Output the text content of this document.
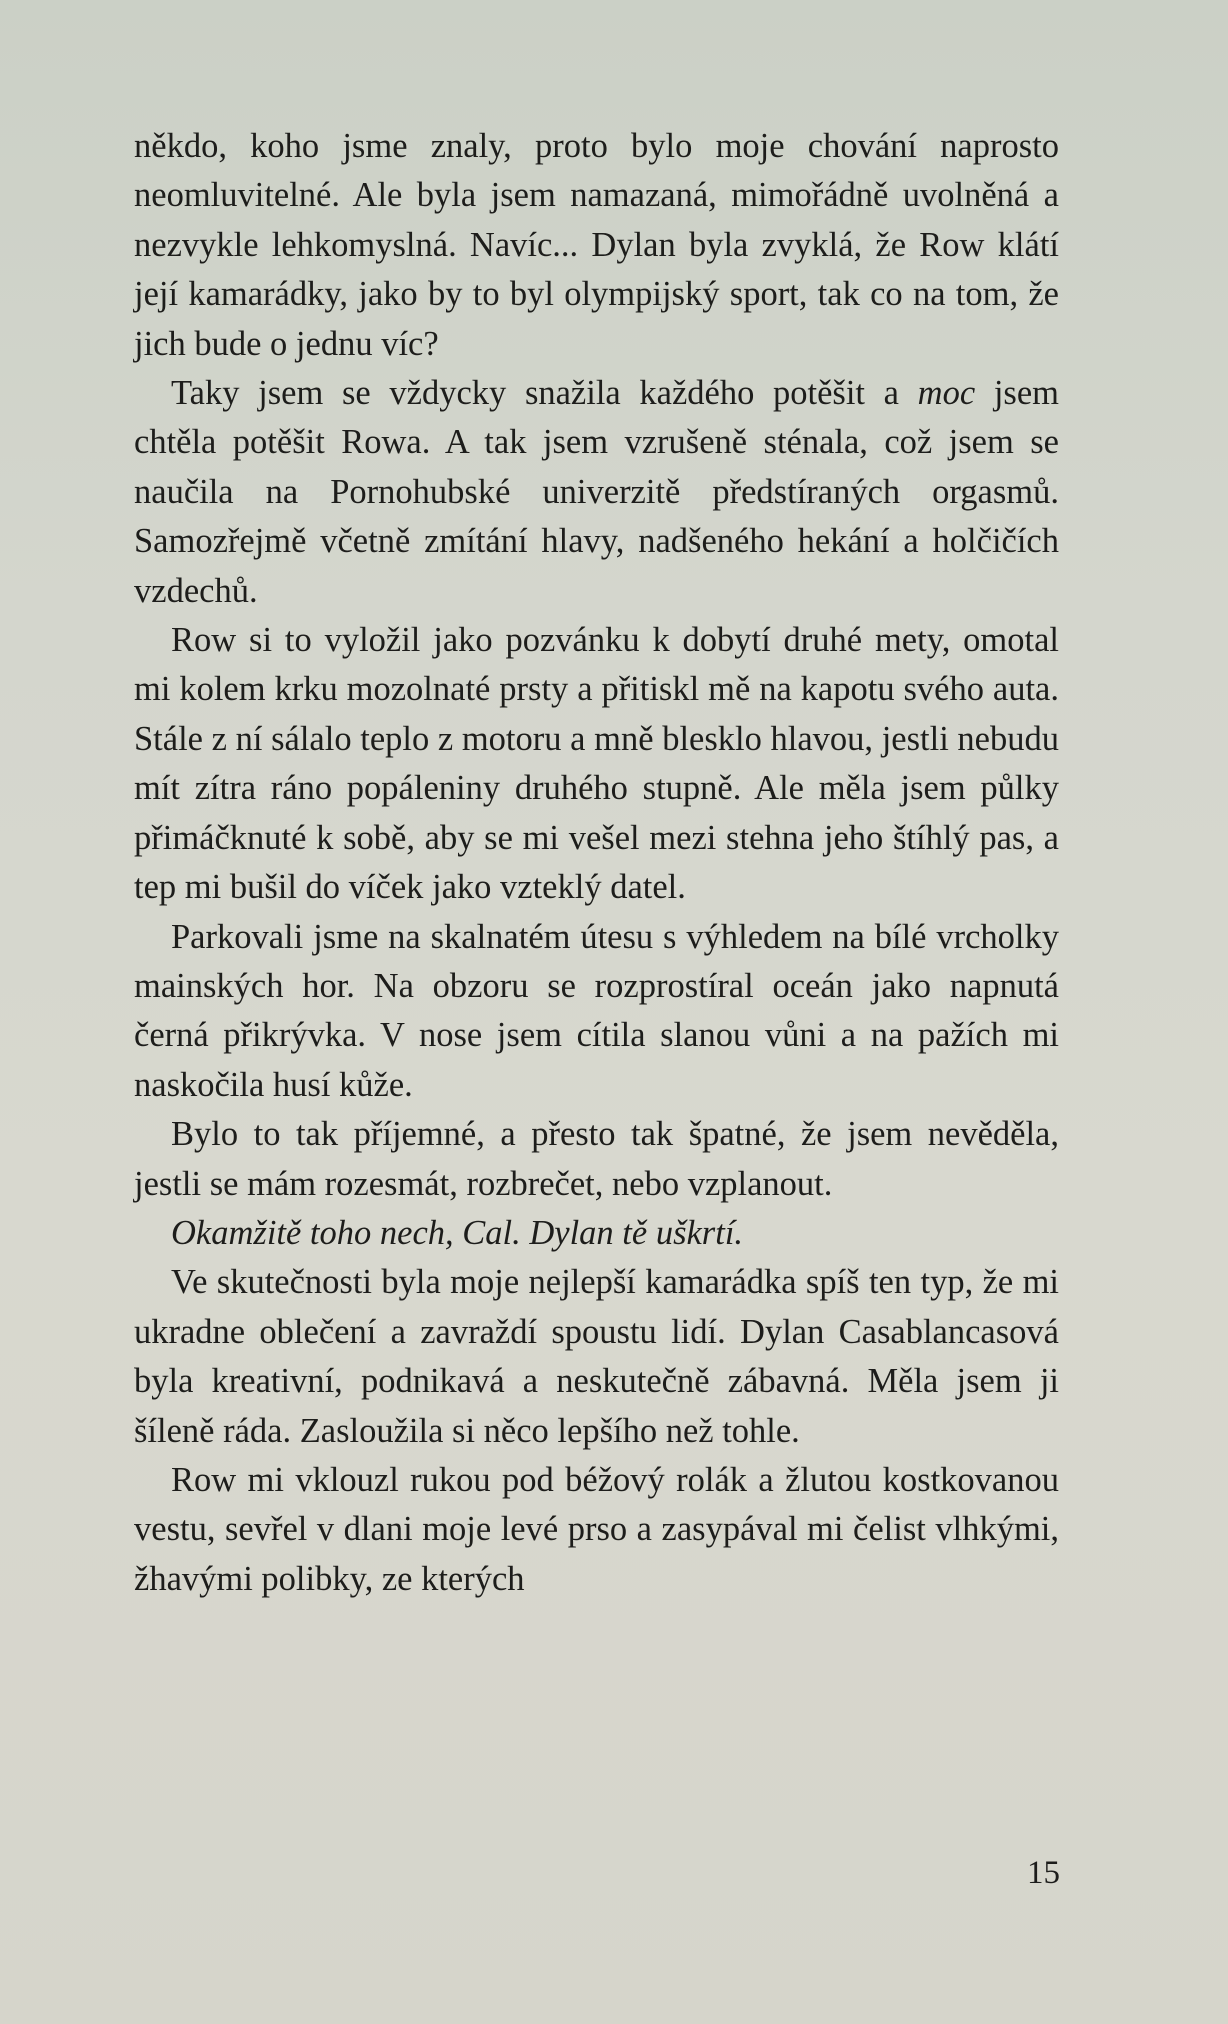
někdo, koho jsme znaly, proto bylo moje chování naprosto neomluvitelné. Ale byla jsem namazaná, mimořádně uvolněná a nezvykle lehkomyslná. Navíc... Dylan byla zvyklá, že Row klátí její kamarádky, jako by to byl olympijský sport, tak co na tom, že jich bude o jednu víc?

Taky jsem se vždycky snažila každého potěšit a moc jsem chtěla potěšit Rowa. A tak jsem vzrušeně sténala, což jsem se naučila na Pornohubské univerzitě předstíraných orgasmů. Samozřejmě včetně zmítání hlavy, nadšeného hekání a holčičích vzdechů.

Row si to vyložil jako pozvánku k dobytí druhé mety, omotal mi kolem krku mozolnaté prsty a přitiskl mě na kapotu svého auta. Stále z ní sálalo teplo z motoru a mně blesklo hlavou, jestli nebudu mít zítra ráno popáleniny druhého stupně. Ale měla jsem půlky přimáčknuté k sobě, aby se mi vešel mezi stehna jeho štíhlý pas, a tep mi bušil do víček jako vzteklý datel.

Parkovali jsme na skalnatém útesu s výhledem na bílé vrcholky mainských hor. Na obzoru se rozprostíral oceán jako napnutá černá přikrývka. V nose jsem cítila slanou vůni a na pažích mi naskočila husí kůže.

Bylo to tak příjemné, a přesto tak špatné, že jsem nevěděla, jestli se mám rozesmát, rozbrečet, nebo vzplanout.

Okamžitě toho nech, Cal. Dylan tě uškrtí.

Ve skutečnosti byla moje nejlepší kamarádka spíš ten typ, že mi ukradne oblečení a zavraždí spoustu lidí. Dylan Casablancasová byla kreativní, podnikavá a neskutečně zábavná. Měla jsem ji šíleně ráda. Zasloužila si něco lepšího než tohle.

Row mi vklouzl rukou pod béžový rolák a žlutou kostkovanou vestu, sevřel v dlani moje levé prso a zasypával mi čelist vlhkými, žhavými polibky, ze kterých

15
